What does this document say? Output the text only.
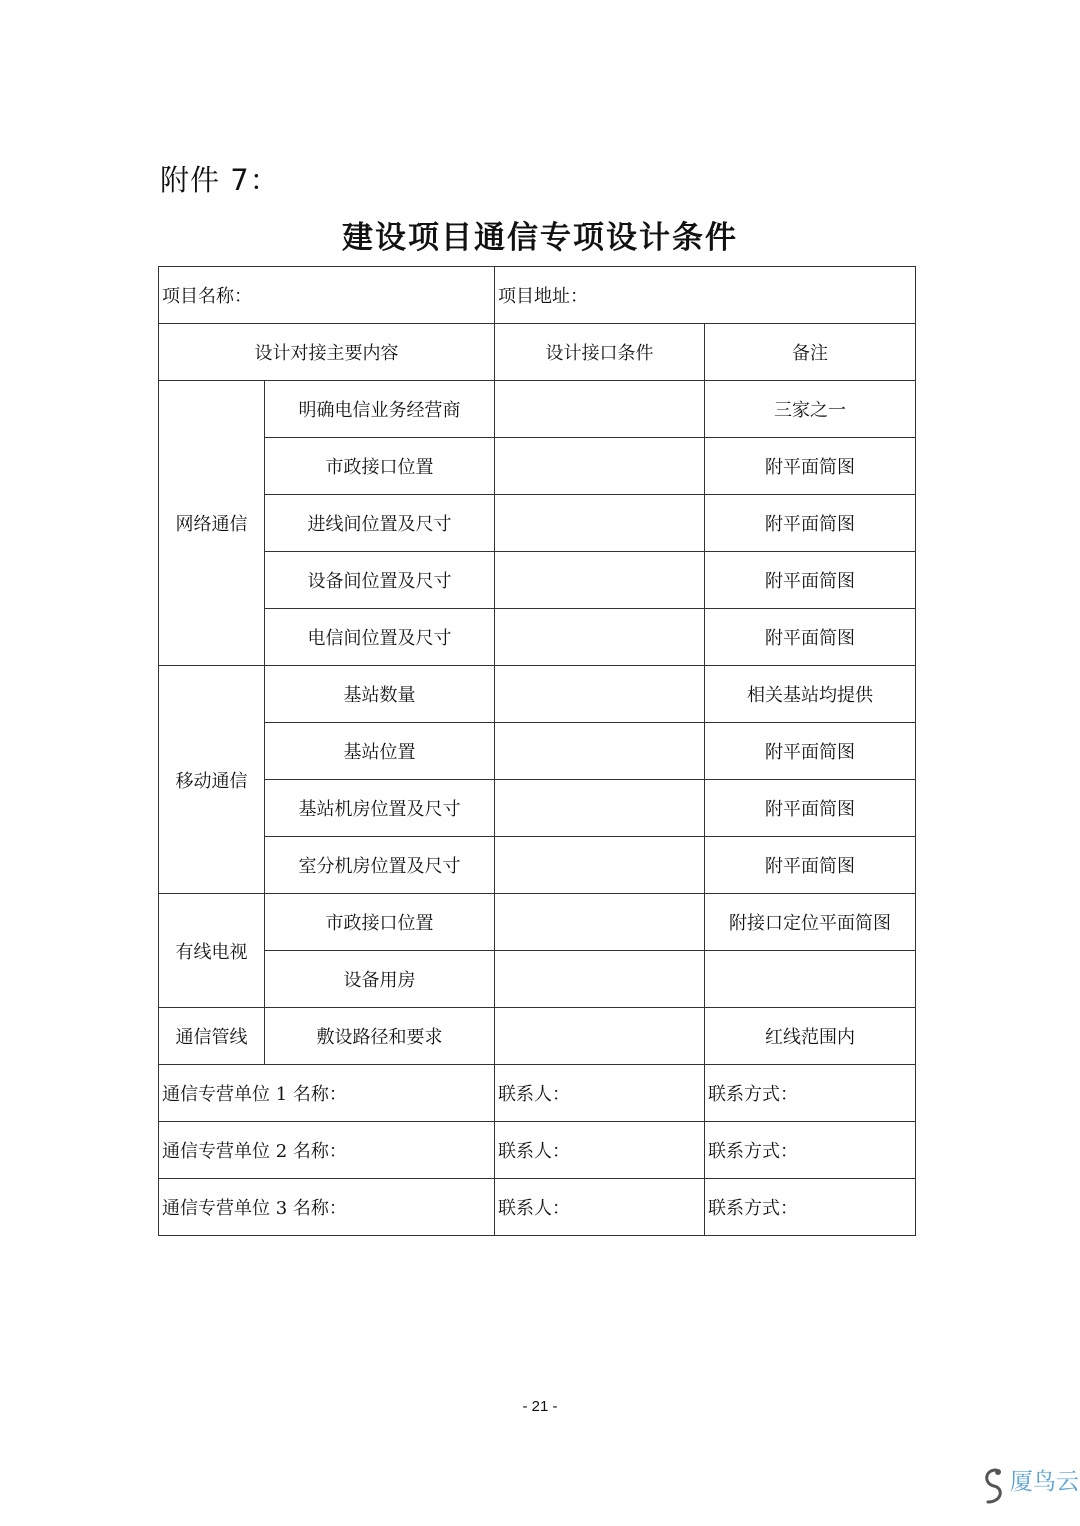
附件 7：
建设项目通信专项设计条件
项目名称：		项目地址：	
设计对接主要内容		设计接口条件	备注
网络通信	明确电信业务经营商		三家之一
	市政接口位置		附平面简图
	进线间位置及尺寸		附平面简图
	设备间位置及尺寸		附平面简图
	电信间位置及尺寸		附平面简图
移动通信	基站数量		相关基站均提供
	基站位置		附平面简图
	基站机房位置及尺寸		附平面简图
	室分机房位置及尺寸		附平面简图
有线电视	市政接口位置		附接口定位平面简图
	设备用房		
通信管线	敷设路径和要求		红线范围内
通信专营单位 1 名称：		联系人：	联系方式：
通信专营单位 2 名称：		联系人：	联系方式：
通信专营单位 3 名称：		联系人：	联系方式：
- 21 -
厦鸟云
